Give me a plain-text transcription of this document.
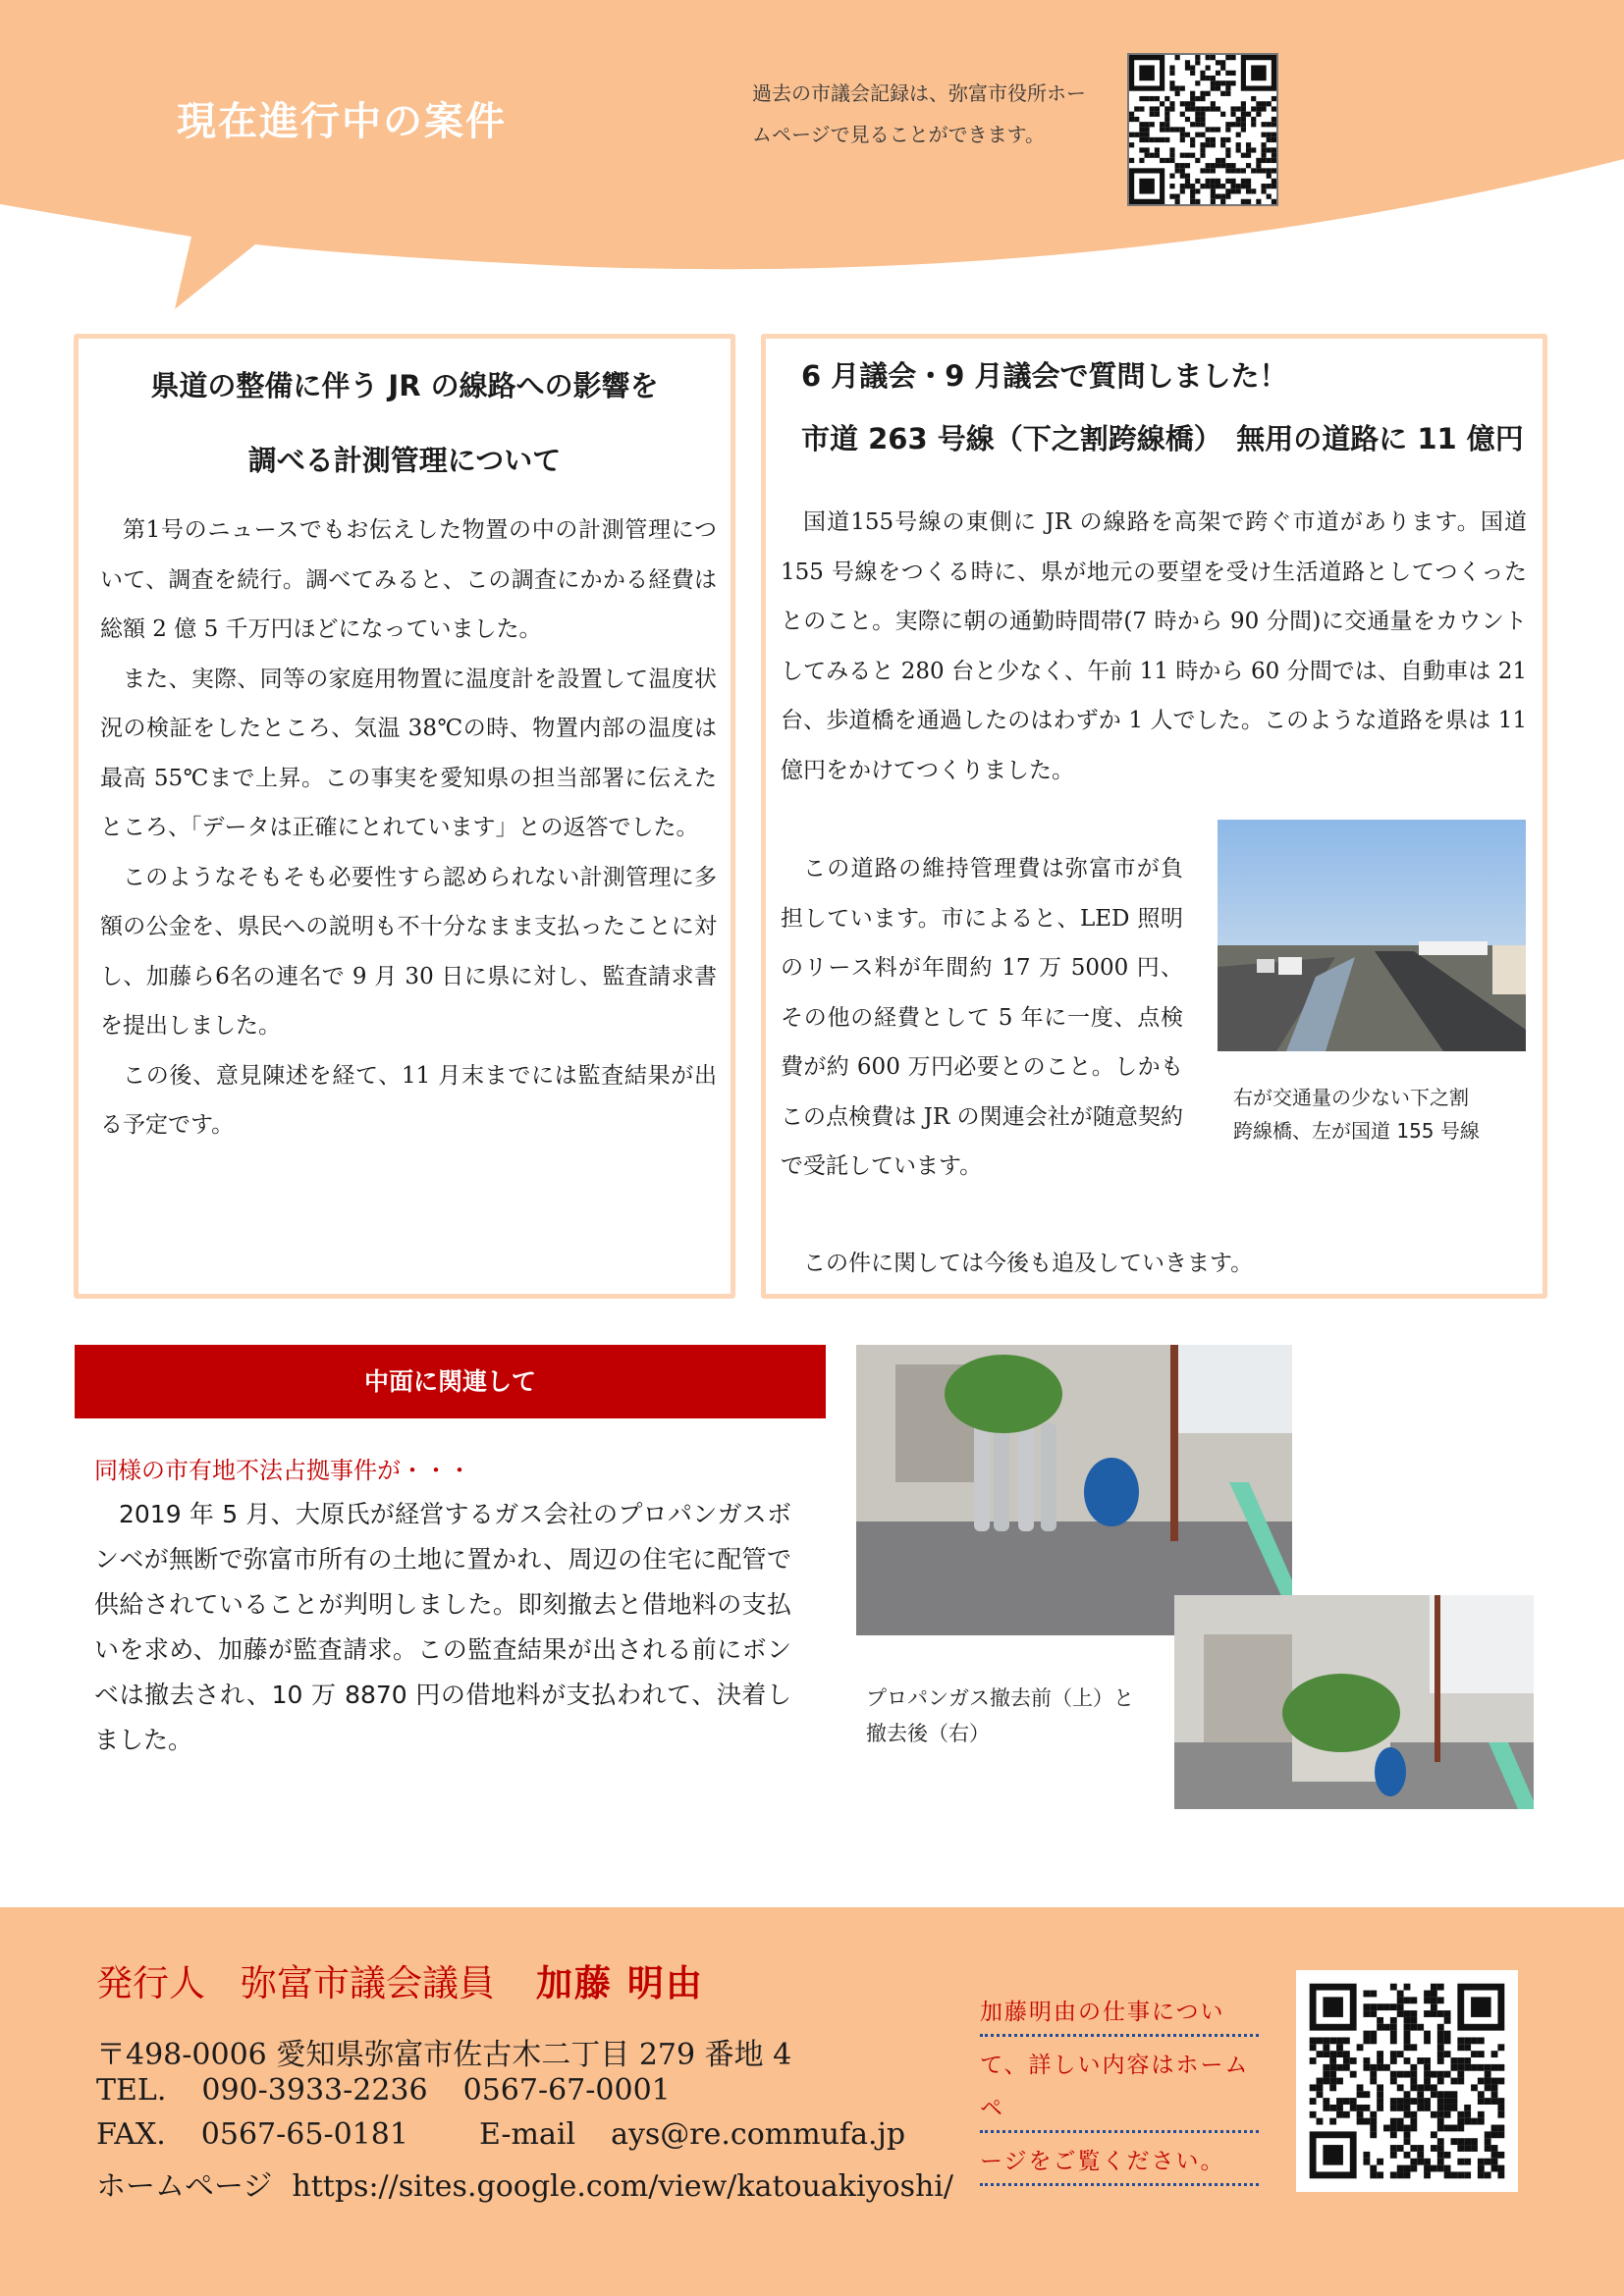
現在進行中の案件
過去の市議会記録は、弥富市役所ホームページで見ることができます。
県道の整備に伴う JR の線路への影響を
調べる計測管理について
第1号のニュースでもお伝えした物置の中の計測管理について、調査を続行。調べてみると、この調査にかかる経費は総額 2 億 5 千万円ほどになっていました。
また、実際、同等の家庭用物置に温度計を設置して温度状況の検証をしたところ、気温 38℃の時、物置内部の温度は最高 55℃まで上昇。この事実を愛知県の担当部署に伝えたところ、「データは正確にとれています」との返答でした。
このようなそもそも必要性すら認められない計測管理に多額の公金を、県民への説明も不十分なまま支払ったことに対し、加藤ら6名の連名で 9 月 30 日に県に対し、監査請求書を提出しました。
この後、意見陳述を経て、11 月末までには監査結果が出る予定です。
6 月議会・9 月議会で質問しました！
市道 263 号線（下之割跨線橋）　無用の道路に 11 億円
国道155号線の東側に JR の線路を高架で跨ぐ市道があります。国道 155 号線をつくる時に、県が地元の要望を受け生活道路としてつくったとのこと。実際に朝の通勤時間帯(7 時から 90 分間)に交通量をカウントしてみると 280 台と少なく、午前 11 時から 60 分間では、自動車は 21 台、歩道橋を通過したのはわずか 1 人でした。このような道路を県は 11 億円をかけてつくりました。
この道路の維持管理費は弥富市が負担しています。市によると、LED 照明のリース料が年間約 17 万 5000 円、その他の経費として 5 年に一度、点検費が約 600 万円必要とのこと。しかもこの点検費は JR の関連会社が随意契約で受託しています。
この件に関しては今後も追及していきます。
右が交通量の少ない下之割
跨線橋、左が国道 155 号線
中面に関連して
同様の市有地不法占拠事件が・・・
2019 年 5 月、大原氏が経営するガス会社のプロパンガスボンベが無断で弥富市所有の土地に置かれ、周辺の住宅に配管で供給されていることが判明しました。即刻撤去と借地料の支払いを求め、加藤が監査請求。この監査結果が出される前にボンベは撤去され、10 万 8870 円の借地料が支払われて、決着しました。
プロパンガス撤去前（上）と
撤去後（右）
発行人 弥富市議会議員 加藤 明由
〒498-0006 愛知県弥富市佐古木二丁目 279 番地 4
TEL. 090-3933-2236 0567-67-0001
FAX. 0567-65-0181 E-mail ays@re.commufa.jp
ホームページ https://sites.google.com/view/katouakiyoshi/
加藤明由の仕事につい
て、詳しい内容はホームペ
ージをご覧ください。
